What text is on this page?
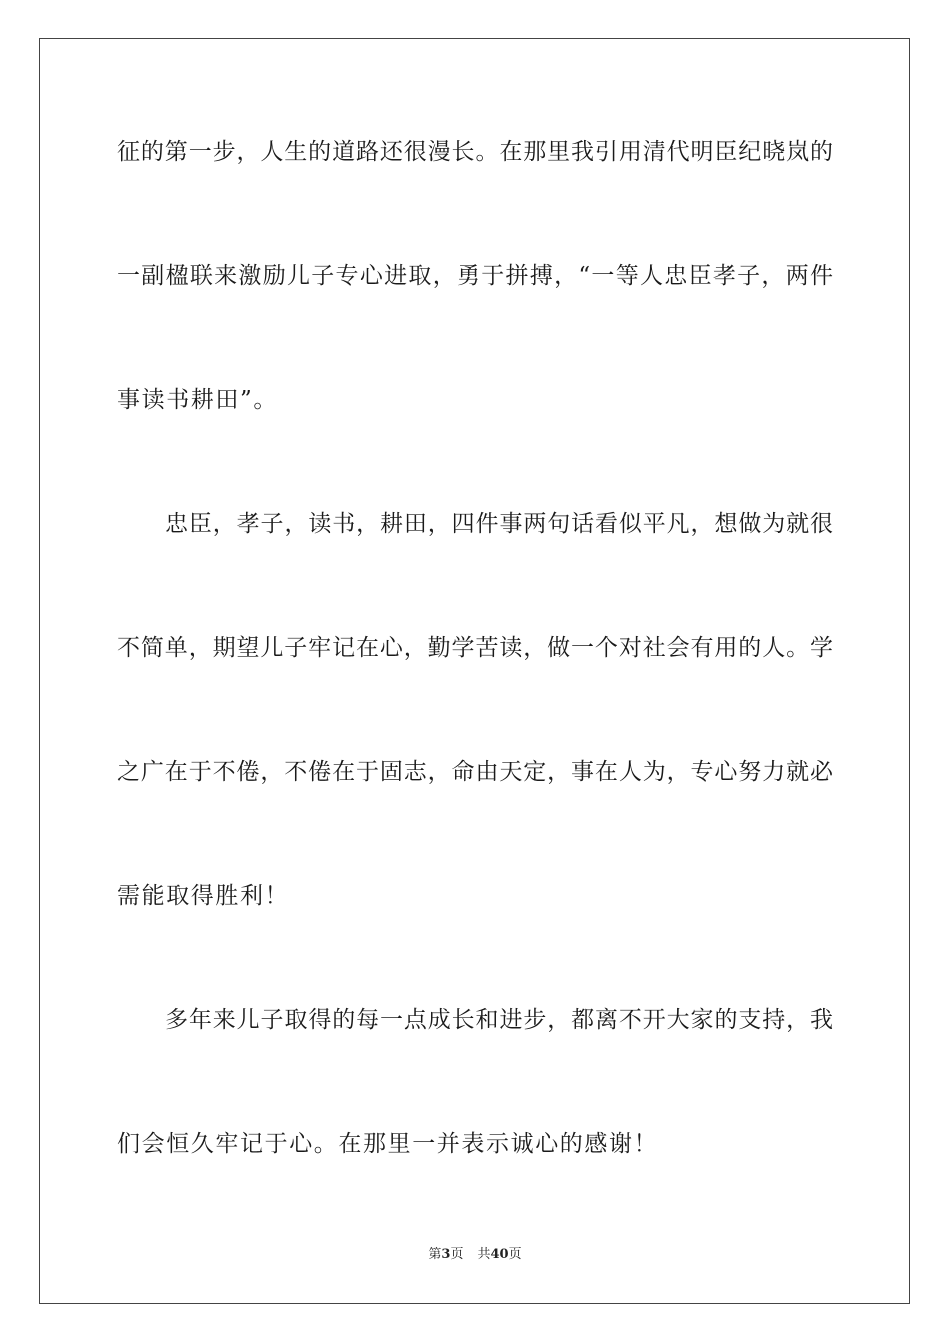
征的第一步，人生的道路还很漫长。在那里我引用清代明臣纪晓岚的
一副楹联来激励儿子专心进取，勇于拼搏，“一等人忠臣孝子，两件
事读书耕田”。
忠臣，孝子，读书，耕田，四件事两句话看似平凡，想做为就很
不简单，期望儿子牢记在心，勤学苦读，做一个对社会有用的人。学
之广在于不倦，不倦在于固志，命由天定，事在人为，专心努力就必
需能取得胜利！
多年来儿子取得的每一点成长和进步，都离不开大家的支持，我
们会恒久牢记于心。在那里一并表示诚心的感谢！
第3页 共40页
